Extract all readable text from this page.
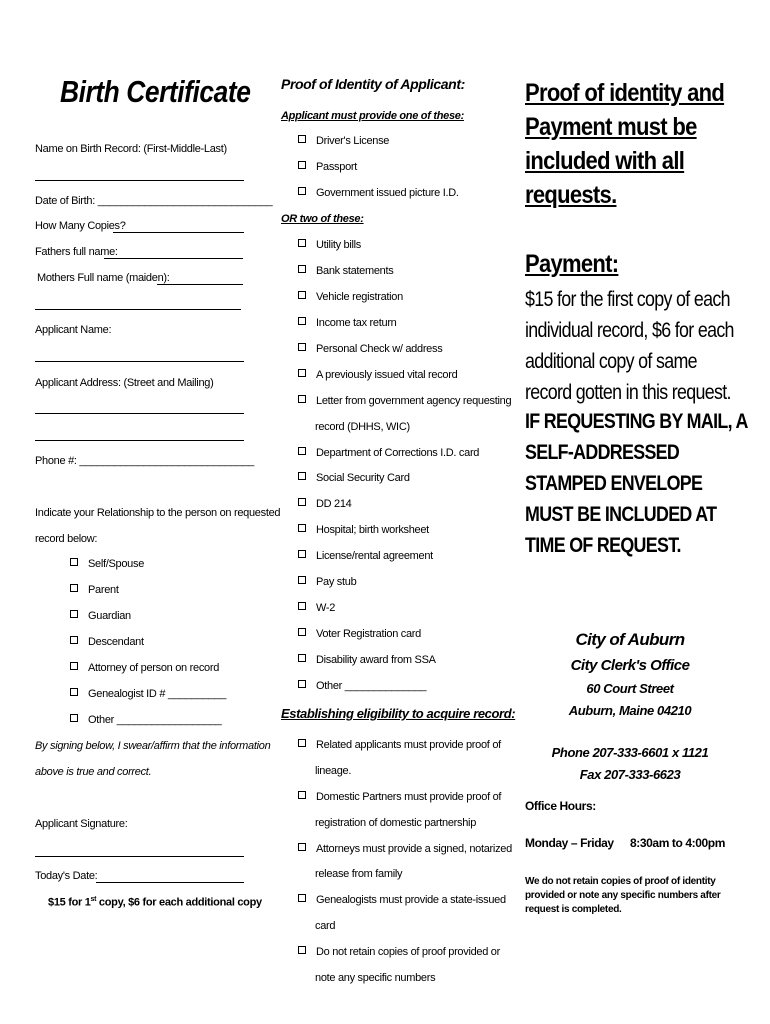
Birth Certificate
Name on Birth Record: (First-Middle-Last)
Date of Birth: ______________________________
How Many Copies?
Fathers full name:
Mothers Full name (maiden):
Applicant Name:
Applicant Address: (Street and Mailing)
Phone #: ______________________________
Indicate your Relationship to the person on requested
record below:
Self/Spouse
Parent
Guardian
Descendant
Attorney of person on record
Genealogist ID # __________
Other __________________
By signing below, I swear/affirm that the information
above is true and correct.
Applicant Signature:
Today's Date:
$15 for 1st copy, $6 for each additional copy
Proof of Identity of Applicant:
Applicant must provide one of these:
Driver's License
Passport
Government issued picture I.D.
OR two of these:
Utility bills
Bank statements
Vehicle registration
Income tax return
Personal Check w/ address
A previously issued vital record
Letter from government agency requesting
record (DHHS, WIC)
Department of Corrections I.D. card
Social Security Card
DD 214
Hospital; birth worksheet
License/rental agreement
Pay stub
W-2
Voter Registration card
Disability award from SSA
Other ______________
Establishing eligibility to acquire record:
Related applicants must provide proof of
lineage.
Domestic Partners must provide proof of
registration of domestic partnership
Attorneys must provide a signed, notarized
release from family
Genealogists must provide a state-issued
card
Do not retain copies of proof provided or
note any specific numbers
Proof of identity and
Payment must be
included with all
requests.
Payment:
$15 for the first copy of each
individual record, $6 for each
additional copy of same
record gotten in this request.
IF REQUESTING BY MAIL, A
SELF-ADDRESSED
STAMPED ENVELOPE
MUST BE INCLUDED AT
TIME OF REQUEST.
City of Auburn
City Clerk's Office
60 Court Street
Auburn, Maine 04210
Phone 207-333-6601 x 1121
Fax 207-333-6623
Office Hours:
Monday – Friday 8:30am to 4:00pm
We do not retain copies of proof of identity
provided or note any specific numbers after
request is completed.
